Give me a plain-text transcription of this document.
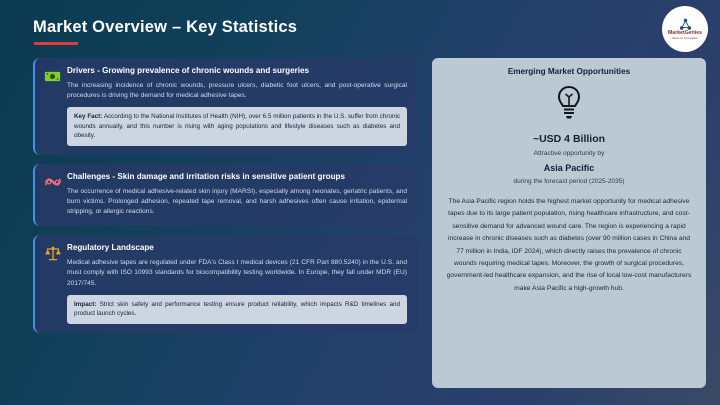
Market Overview – Key Statistics	MarketGenies
Ideas to Innovation

Drivers - Growing prevalence of chronic wounds and surgeries

The increasing incidence of chronic wounds, pressure ulcers, diabetic foot ulcers, and post-operative surgical procedures is driving the demand for medical adhesive tapes.

Key Fact: According to the National Institutes of Health (NIH), over 6.5 million patients in the U.S. suffer from chronic wounds annually, and this number is rising with aging populations and lifestyle diseases such as diabetes and obesity.

Challenges - Skin damage and irritation risks in sensitive patient groups

The occurrence of medical adhesive-related skin injury (MARSI), especially among neonates, geriatric patients, and burn victims. Prolonged adhesion, repeated tape removal, and harsh adhesives often cause irritation, epidermal stripping, or allergic reactions.

Regulatory Landscape

Medical adhesive tapes are regulated under FDA's Class I medical devices (21 CFR Part 880.5240) in the U.S. and must comply with ISO 10993 standards for biocompatibility testing worldwide. In Europe, they fall under MDR (EU) 2017/745.

Impact: Strict skin safety and performance testing ensure product reliability, which impacts R&D timelines and product launch cycles.
Emerging Market Opportunities
~USD 4 Billion
Attractive opportunity by
Asia Pacific
during the forecast period (2025-2035)
The Asia Pacific region holds the highest market opportunity for medical adhesive tapes due to its large patient population, rising healthcare infrastructure, and cost-sensitive demand for advanced wound care. The region is experiencing a rapid increase in chronic diseases such as diabetes (over 90 million cases in China and 77 million in India, IDF 2024), which directly raises the prevalence of chronic wounds requiring medical tapes. Moreover, the growth of surgical procedures, government-led healthcare expansion, and the rise of local low-cost manufacturers make Asia Pacific a high-growth hub.
